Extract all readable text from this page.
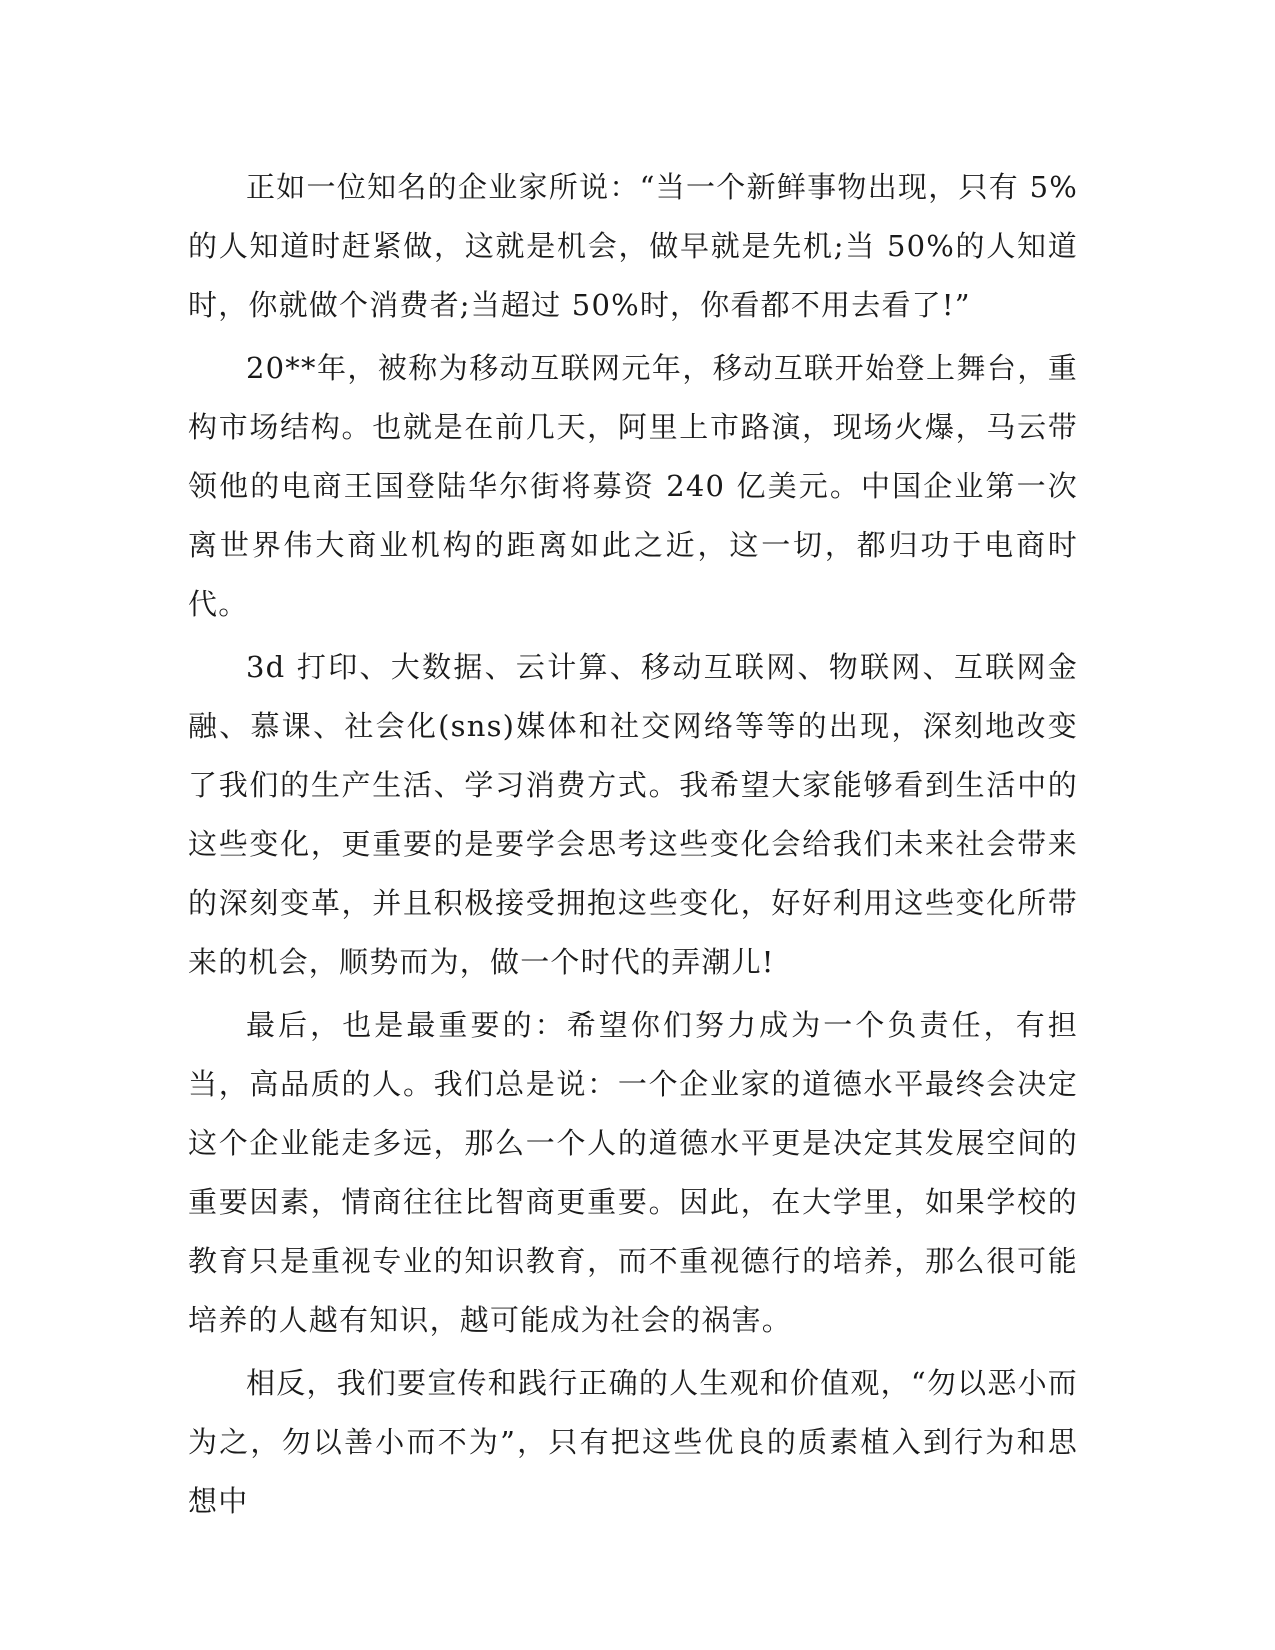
正如一位知名的企业家所说：“当一个新鲜事物出现，只有 5%的人知道时赶紧做，这就是机会，做早就是先机;当 50%的人知道时，你就做个消费者;当超过 50%时，你看都不用去看了!”

20**年，被称为移动互联网元年，移动互联开始登上舞台，重构市场结构。也就是在前几天，阿里上市路演，现场火爆，马云带领他的电商王国登陆华尔街将募资 240 亿美元。中国企业第一次离世界伟大商业机构的距离如此之近，这一切，都归功于电商时代。

3d 打印、大数据、云计算、移动互联网、物联网、互联网金融、慕课、社会化(sns)媒体和社交网络等等的出现，深刻地改变了我们的生产生活、学习消费方式。我希望大家能够看到生活中的这些变化，更重要的是要学会思考这些变化会给我们未来社会带来的深刻变革，并且积极接受拥抱这些变化，好好利用这些变化所带来的机会，顺势而为，做一个时代的弄潮儿!

最后，也是最重要的：希望你们努力成为一个负责任，有担当，高品质的人。我们总是说：一个企业家的道德水平最终会决定这个企业能走多远，那么一个人的道德水平更是决定其发展空间的重要因素，情商往往比智商更重要。因此，在大学里，如果学校的教育只是重视专业的知识教育，而不重视德行的培养，那么很可能培养的人越有知识，越可能成为社会的祸害。

相反，我们要宣传和践行正确的人生观和价值观，“勿以恶小而为之，勿以善小而不为”，只有把这些优良的质素植入到行为和思想中
